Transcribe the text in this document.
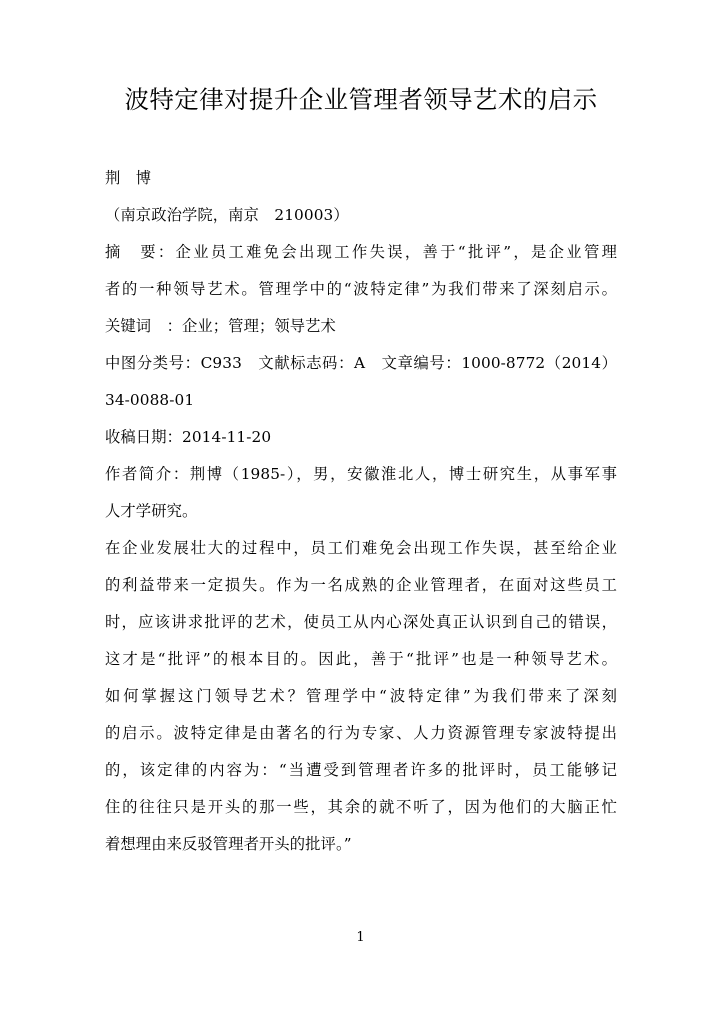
波特定律对提升企业管理者领导艺术的启示
荆　博
（南京政治学院，南京　210003）
摘　要：企业员工难免会出现工作失误，善于“批评”，是企业管理
者的一种领导艺术。管理学中的“波特定律”为我们带来了深刻启示。
关键词　：企业；管理；领导艺术
中图分类号：C933　文献标志码：A　文章编号：1000-8772（2014）
34-0088-01
收稿日期：2014-11-20
作者简介：荆博（1985-），男，安徽淮北人，博士研究生，从事军事
人才学研究。
在企业发展壮大的过程中，员工们难免会出现工作失误，甚至给企业
的利益带来一定损失。作为一名成熟的企业管理者，在面对这些员工
时，应该讲求批评的艺术，使员工从内心深处真正认识到自己的错误，
这才是“批评”的根本目的。因此，善于“批评”也是一种领导艺术。
如何掌握这门领导艺术？管理学中“波特定律”为我们带来了深刻
的启示。波特定律是由著名的行为专家、人力资源管理专家波特提出
的，该定律的内容为：“当遭受到管理者许多的批评时，员工能够记
住的往往只是开头的那一些，其余的就不听了，因为他们的大脑正忙
着想理由来反驳管理者开头的批评。”
1
